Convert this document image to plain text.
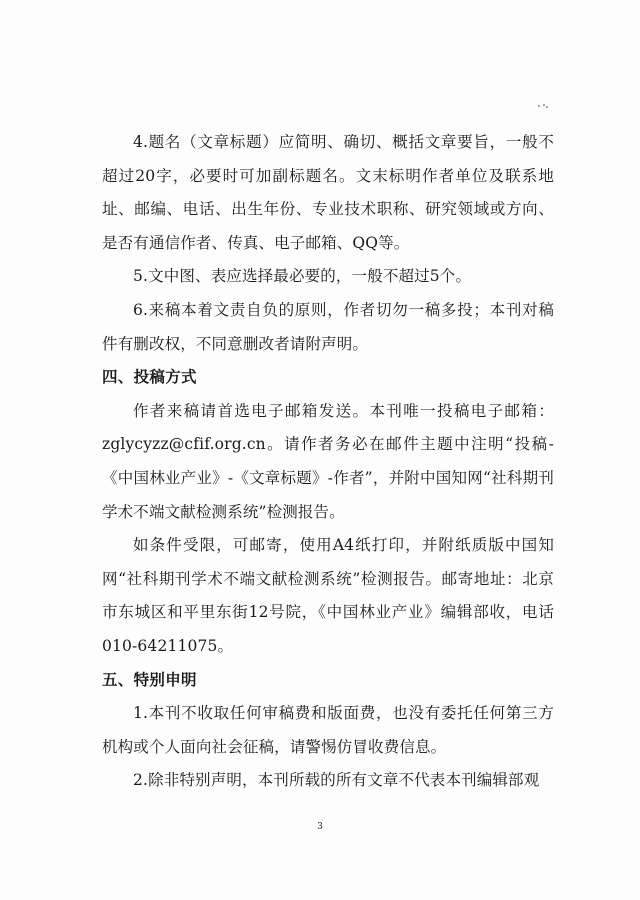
4.题名（文章标题）应简明、确切、概括文章要旨，一般不超过20字，必要时可加副标题名。文末标明作者单位及联系地址、邮编、电话、出生年份、专业技术职称、研究领域或方向、是否有通信作者、传真、电子邮箱、QQ等。

5.文中图、表应选择最必要的，一般不超过5个。

6.来稿本着文责自负的原则，作者切勿一稿多投；本刊对稿件有删改权，不同意删改者请附声明。

四、投稿方式

作者来稿请首选电子邮箱发送。本刊唯一投稿电子邮箱：zglycyzz@cfif.org.cn。请作者务必在邮件主题中注明“投稿-《中国林业产业》-《文章标题》-作者”，并附中国知网“社科期刊学术不端文献检测系统”检测报告。

如条件受限，可邮寄，使用A4纸打印，并附纸质版中国知网“社科期刊学术不端文献检测系统”检测报告。邮寄地址：北京市东城区和平里东街12号院，《中国林业产业》编辑部收，电话010-64211075。

五、特别申明

1.本刊不收取任何审稿费和版面费，也没有委托任何第三方机构或个人面向社会征稿，请警惕仿冒收费信息。

2.除非特别声明，本刊所载的所有文章不代表本刊编辑部观

3
